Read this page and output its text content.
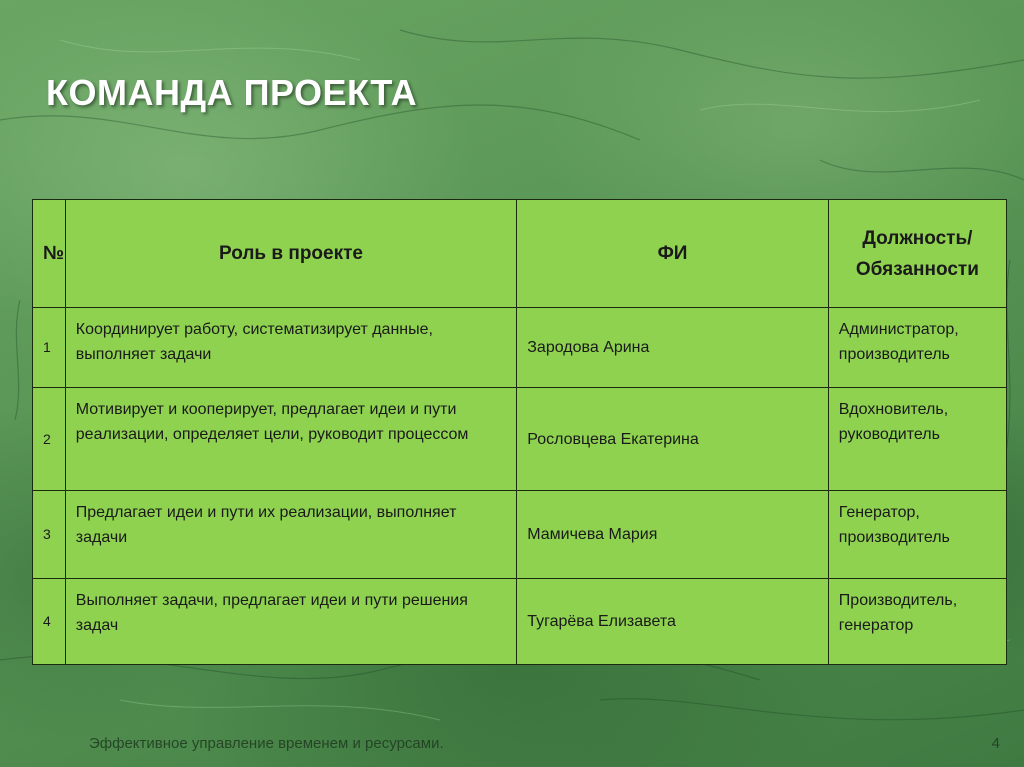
КОМАНДА ПРОЕКТА
№	Роль в проекте	ФИ	Должность/ Обязанности
1	Координирует работу, систематизирует данные, выполняет задачи	Зародова Арина	Администратор, производитель
2	Мотивирует и кооперирует, предлагает идеи и пути реализации, определяет цели, руководит процессом	Рословцева Екатерина	Вдохновитель, руководитель
3	Предлагает идеи и пути их реализации, выполняет задачи	Мамичева Мария	Генератор, производитель
4	Выполняет задачи, предлагает идеи и пути решения задач	Тугарёва Елизавета	Производитель, генератор
Эффективное управление временем и ресурсами.	4
